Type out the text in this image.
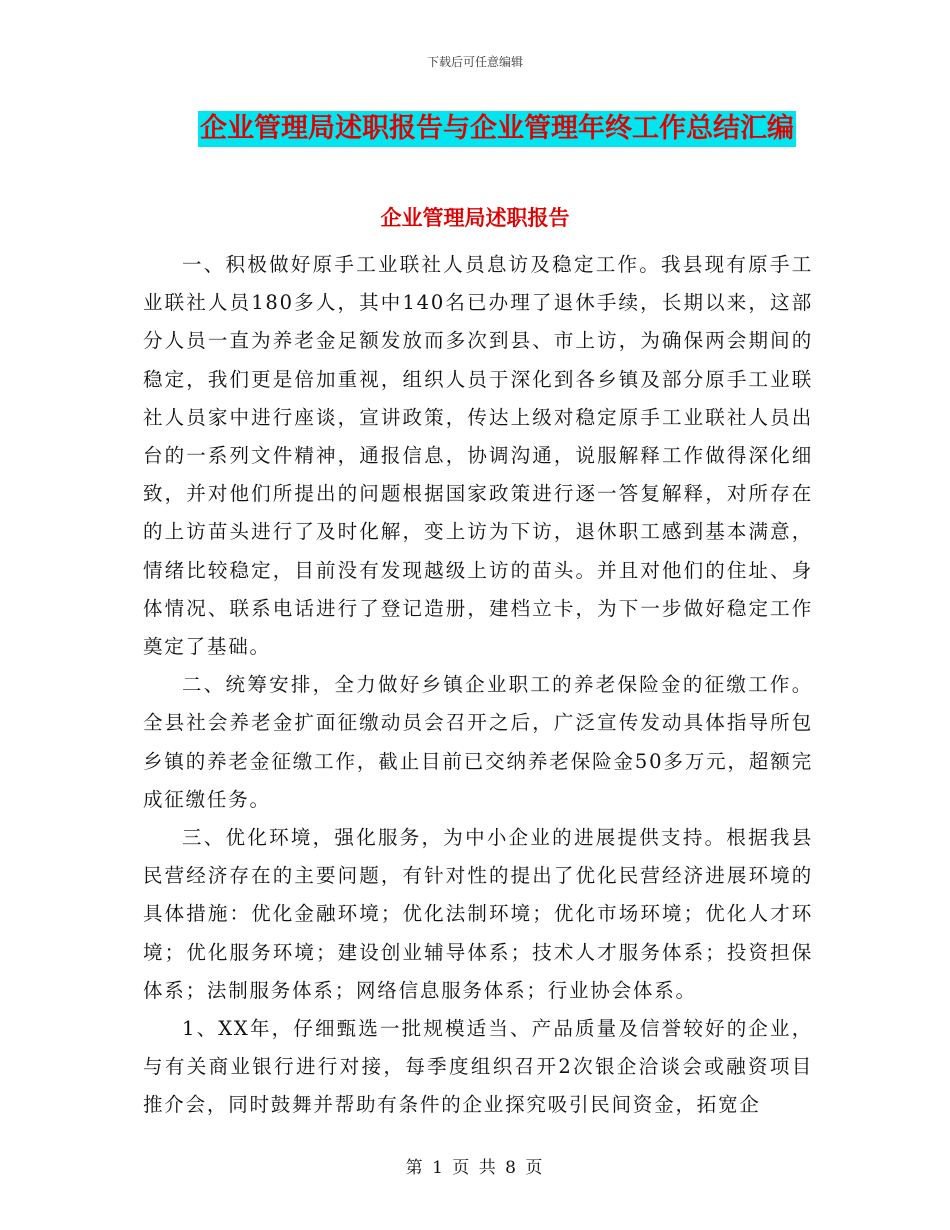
下载后可任意编辑
企业管理局述职报告与企业管理年终工作总结汇编
企业管理局述职报告

一、积极做好原手工业联社人员息访及稳定工作。我县现有原手工业联社人员180多人，其中140名已办理了退休手续，长期以来，这部分人员一直为养老金足额发放而多次到县、市上访，为确保两会期间的稳定，我们更是倍加重视，组织人员于深化到各乡镇及部分原手工业联社人员家中进行座谈，宣讲政策，传达上级对稳定原手工业联社人员出台的一系列文件精神，通报信息，协调沟通，说服解释工作做得深化细致，并对他们所提出的问题根据国家政策进行逐一答复解释，对所存在的上访苗头进行了及时化解，变上访为下访，退休职工感到基本满意，情绪比较稳定，目前没有发现越级上访的苗头。并且对他们的住址、身体情况、联系电话进行了登记造册，建档立卡，为下一步做好稳定工作奠定了基础。

二、统筹安排，全力做好乡镇企业职工的养老保险金的征缴工作。全县社会养老金扩面征缴动员会召开之后，广泛宣传发动具体指导所包乡镇的养老金征缴工作，截止目前已交纳养老保险金50多万元，超额完成征缴任务。

三、优化环境，强化服务，为中小企业的进展提供支持。根据我县民营经济存在的主要问题，有针对性的提出了优化民营经济进展环境的具体措施：优化金融环境；优化法制环境；优化市场环境；优化人才环境；优化服务环境；建设创业辅导体系；技术人才服务体系；投资担保体系；法制服务体系；网络信息服务体系；行业协会体系。

1、XX年，仔细甄选一批规模适当、产品质量及信誉较好的企业，与有关商业银行进行对接，每季度组织召开2次银企洽谈会或融资项目推介会，同时鼓舞并帮助有条件的企业探究吸引民间资金，拓宽企

第 1 页 共 8 页
